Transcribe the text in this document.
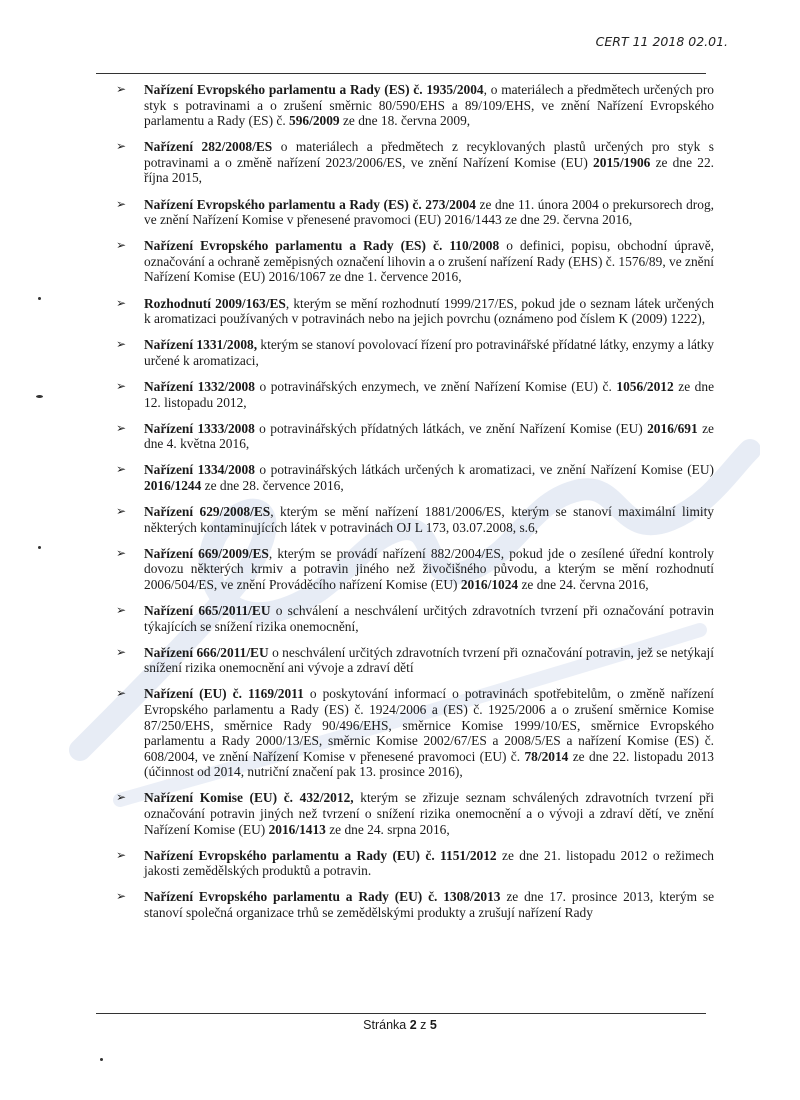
CERT 11 2018 02.01.
➢ Nařízení Evropského parlamentu a Rady (ES) č. 1935/2004, o materiálech a předmětech určených pro styk s potravinami a o zrušení směrnic 80/590/EHS a 89/109/EHS, ve znění Nařízení Evropského parlamentu a Rady (ES) č. 596/2009 ze dne 18. června 2009,
➢ Nařízení 282/2008/ES o materiálech a předmětech z recyklovaných plastů určených pro styk s potravinami a o změně nařízení 2023/2006/ES, ve znění Nařízení Komise (EU) 2015/1906 ze dne 22. října 2015,
➢ Nařízení Evropského parlamentu a Rady (ES) č. 273/2004 ze dne 11. února 2004 o prekursorech drog, ve znění Nařízení Komise v přenesené pravomoci (EU) 2016/1443 ze dne 29. června 2016,
➢ Nařízení Evropského parlamentu a Rady (ES) č. 110/2008 o definici, popisu, obchodní úpravě, označování a ochraně zeměpisných označení lihovin a o zrušení nařízení Rady (EHS) č. 1576/89, ve znění Nařízení Komise (EU) 2016/1067 ze dne 1. července 2016,
➢ Rozhodnutí 2009/163/ES, kterým se mění rozhodnutí 1999/217/ES, pokud jde o seznam látek určených k aromatizaci používaných v potravinách nebo na jejich povrchu (oznámeno pod číslem K (2009) 1222),
➢ Nařízení 1331/2008, kterým se stanoví povolovací řízení pro potravinářské přídatné látky, enzymy a látky určené k aromatizaci,
➢ Nařízení 1332/2008 o potravinářských enzymech, ve znění Nařízení Komise (EU) č. 1056/2012 ze dne 12. listopadu 2012,
➢ Nařízení 1333/2008 o potravinářských přídatných látkách, ve znění Nařízení Komise (EU) 2016/691 ze dne 4. května 2016,
➢ Nařízení 1334/2008 o potravinářských látkách určených k aromatizaci, ve znění Nařízení Komise (EU) 2016/1244 ze dne 28. července 2016,
➢ Nařízení 629/2008/ES, kterým se mění nařízení 1881/2006/ES, kterým se stanoví maximální limity některých kontaminujících látek v potravinách OJ L 173, 03.07.2008, s.6,
➢ Nařízení 669/2009/ES, kterým se provádí nařízení 882/2004/ES, pokud jde o zesílené úřední kontroly dovozu některých krmiv a potravin jiného než živočišného původu, a kterým se mění rozhodnutí 2006/504/ES, ve znění Prováděcího nařízení Komise (EU) 2016/1024 ze dne 24. června 2016,
➢ Nařízení 665/2011/EU o schválení a neschválení určitých zdravotních tvrzení při označování potravin týkajících se snížení rizika onemocnění,
➢ Nařízení 666/2011/EU o neschválení určitých zdravotních tvrzení při označování potravin, jež se netýkají snížení rizika onemocnění ani vývoje a zdraví dětí
➢ Nařízení (EU) č. 1169/2011 o poskytování informací o potravinách spotřebitelům, o změně nařízení Evropského parlamentu a Rady (ES) č. 1924/2006 a (ES) č. 1925/2006 a o zrušení směrnice Komise 87/250/EHS, směrnice Rady 90/496/EHS, směrnice Komise 1999/10/ES, směrnice Evropského parlamentu a Rady 2000/13/ES, směrnic Komise 2002/67/ES a 2008/5/ES a nařízení Komise (ES) č. 608/2004, ve znění Nařízení Komise v přenesené pravomoci (EU) č. 78/2014 ze dne 22. listopadu 2013 (účinnost od 2014, nutriční značení pak 13. prosince 2016),
➢ Nařízení Komise (EU) č. 432/2012, kterým se zřizuje seznam schválených zdravotních tvrzení při označování potravin jiných než tvrzení o snížení rizika onemocnění a o vývoji a zdraví dětí, ve znění Nařízení Komise (EU) 2016/1413 ze dne 24. srpna 2016,
➢ Nařízení Evropského parlamentu a Rady (EU) č. 1151/2012 ze dne 21. listopadu 2012 o režimech jakosti zemědělských produktů a potravin.
➢ Nařízení Evropského parlamentu a Rady (EU) č. 1308/2013 ze dne 17. prosince 2013, kterým se stanoví společná organizace trhů se zemědělskými produkty a zrušují nařízení Rady
Stránka 2 z 5
